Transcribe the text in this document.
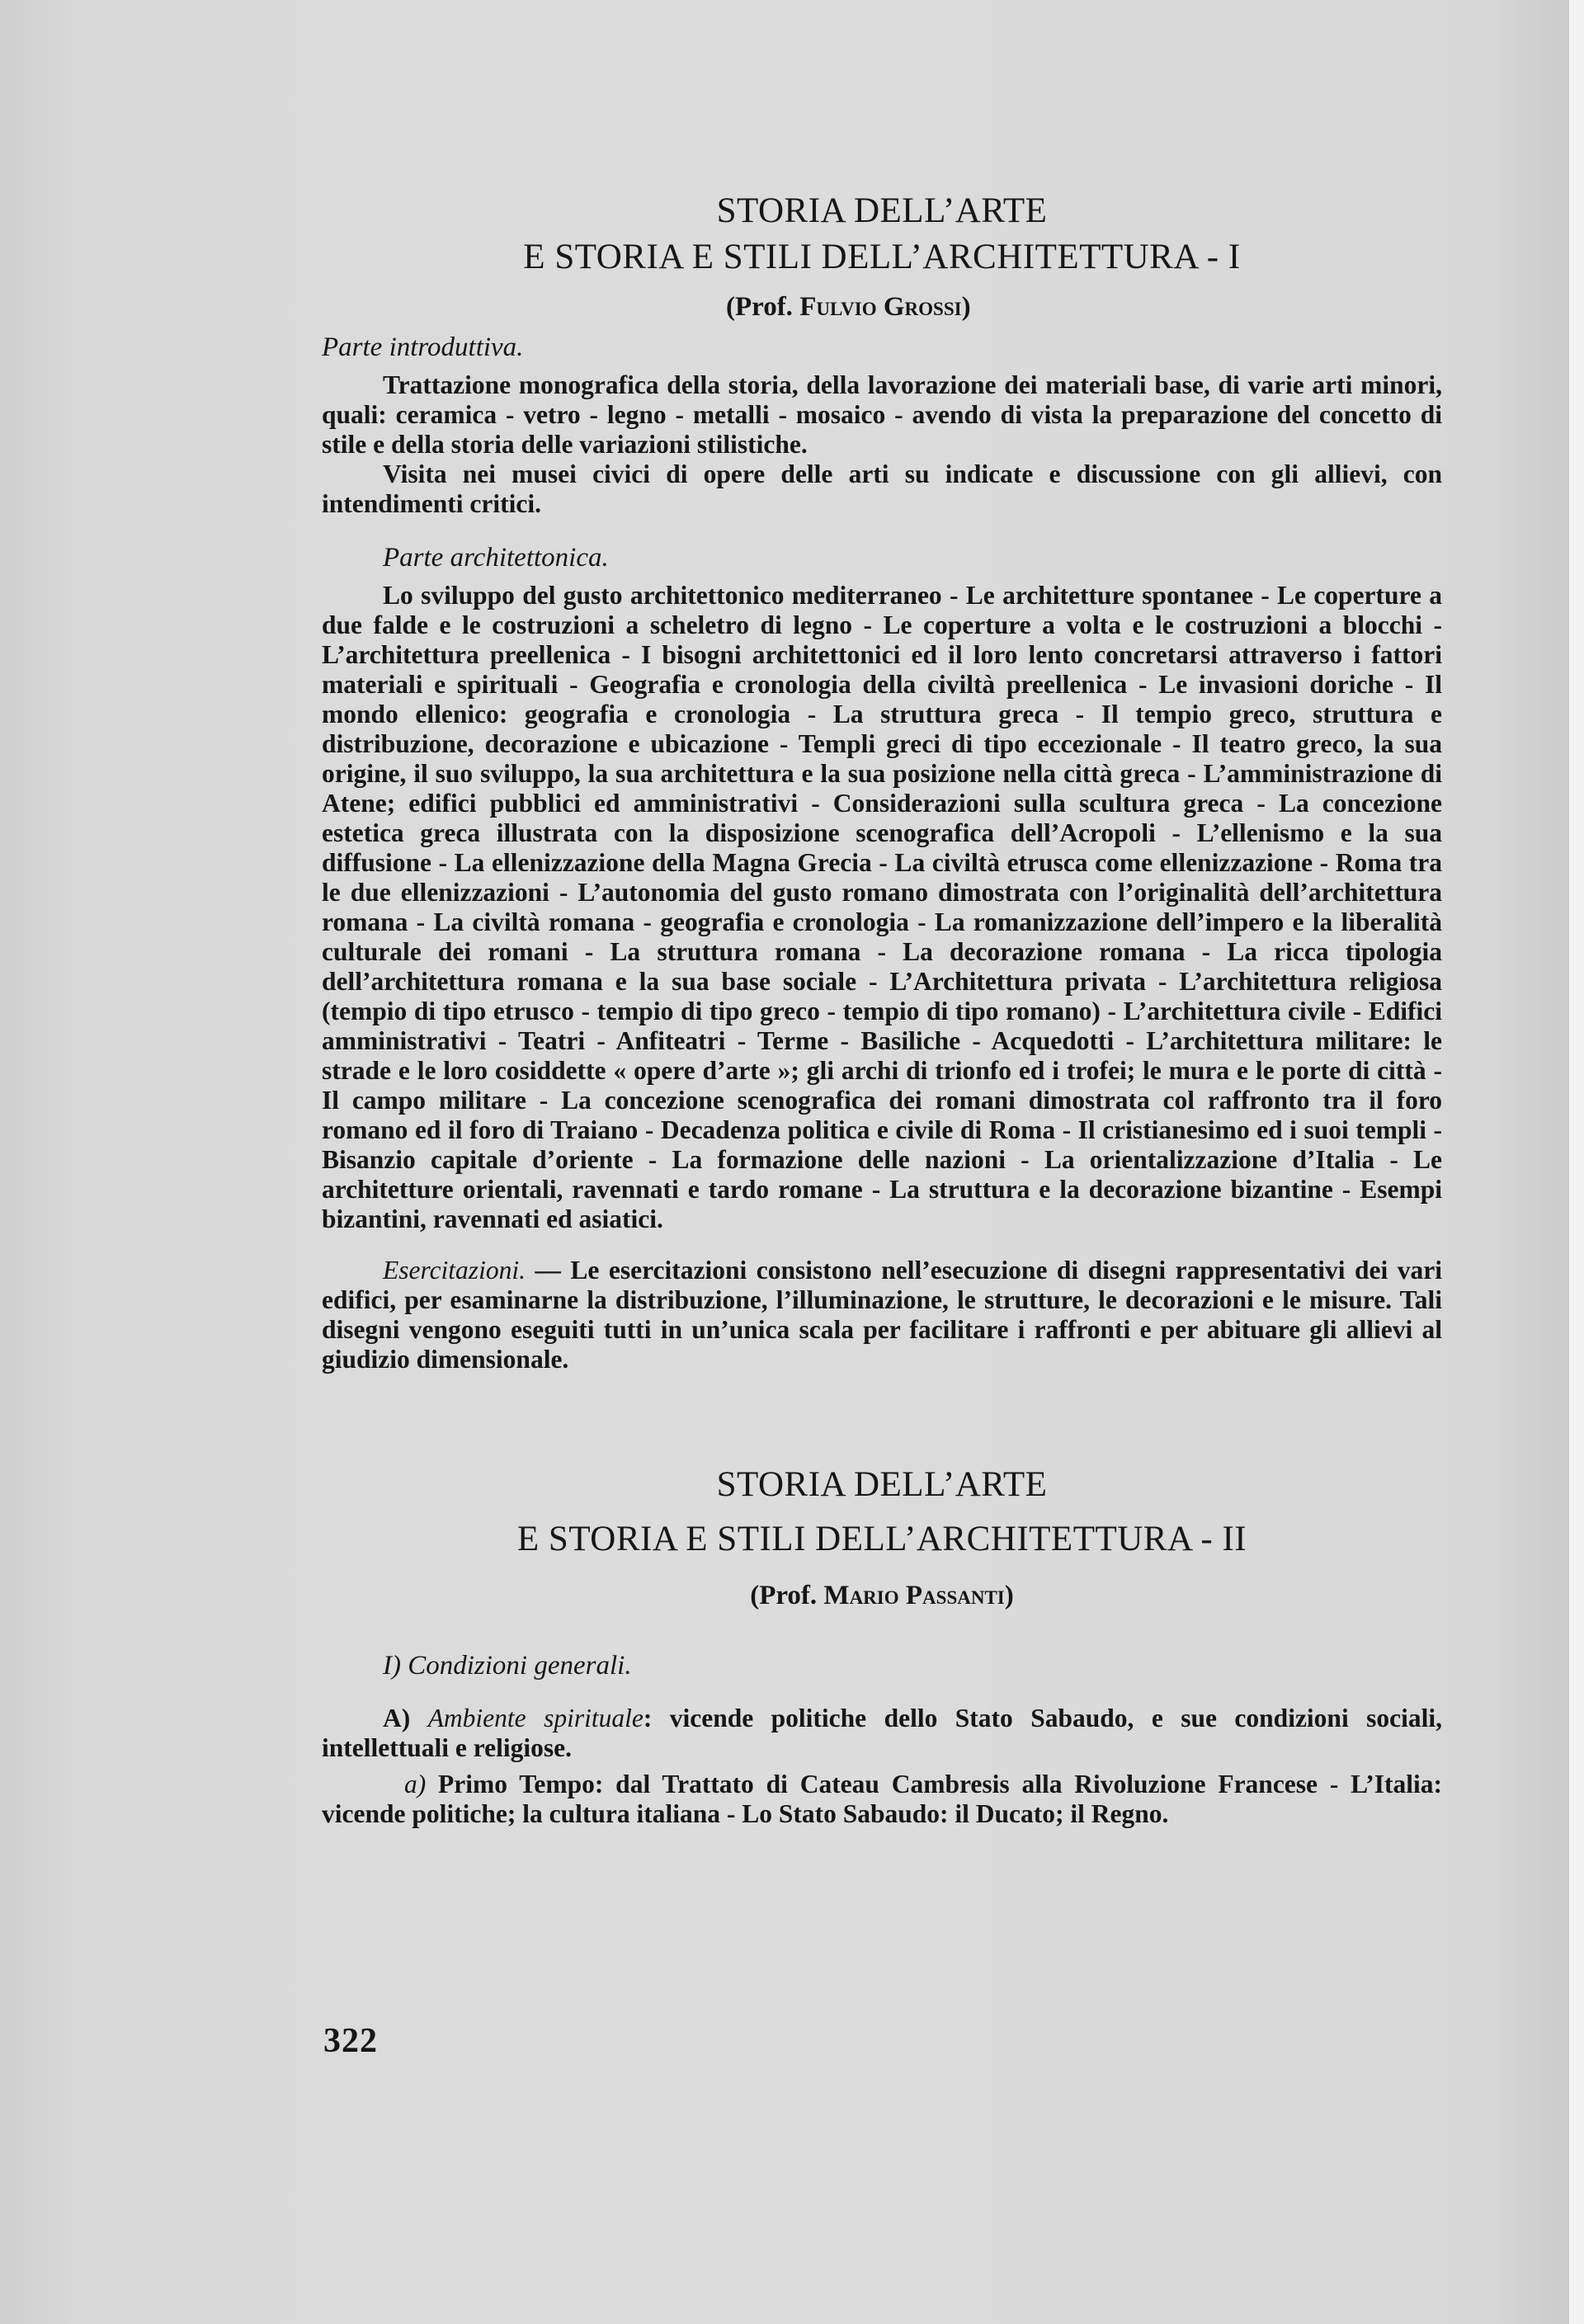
STORIA DELL’ARTE
E STORIA E STILI DELL’ARCHITETTURA - I

(Prof. Fulvio Grossi)

Parte introduttiva.

Trattazione monografica della storia, della lavorazione dei materiali base, di varie arti minori, quali: ceramica - vetro - legno - metalli - mosaico - avendo di vista la preparazione del concetto di stile e della storia delle variazioni stilistiche.

Visita nei musei civici di opere delle arti su indicate e discussione con gli allievi, con intendimenti critici.

Parte architettonica.

Lo sviluppo del gusto architettonico mediterraneo - Le architetture spontanee - Le coperture a due falde e le costruzioni a scheletro di legno - Le coperture a volta e le costruzioni a blocchi - L’architettura preellenica - I bisogni architettonici ed il loro lento concretarsi attraverso i fattori materiali e spirituali - Geografia e cronologia della civiltà preellenica - Le invasioni doriche - Il mondo ellenico: geografia e cronologia - La struttura greca - Il tempio greco, struttura e distribuzione, decorazione e ubicazione - Templi greci di tipo eccezionale - Il teatro greco, la sua origine, il suo sviluppo, la sua architettura e la sua posizione nella città greca - L’amministrazione di Atene; edifici pubblici ed amministrativi - Considerazioni sulla scultura greca - La concezione estetica greca illustrata con la disposizione scenografica dell’Acropoli - L’ellenismo e la sua diffusione - La ellenizzazione della Magna Grecia - La civiltà etrusca come ellenizzazione - Roma tra le due ellenizzazioni - L’autonomia del gusto romano dimostrata con l’originalità dell’architettura romana - La civiltà romana - geografia e cronologia - La romanizzazione dell’impero e la liberalità culturale dei romani - La struttura romana - La decorazione romana - La ricca tipologia dell’architettura romana e la sua base sociale - L’Architettura privata - L’architettura religiosa (tempio di tipo etrusco - tempio di tipo greco - tempio di tipo romano) - L’architettura civile - Edifici amministrativi - Teatri - Anfiteatri - Terme - Basiliche - Acquedotti - L’architettura militare: le strade e le loro cosiddette « opere d’arte »; gli archi di trionfo ed i trofei; le mura e le porte di città - Il campo militare - La concezione scenografica dei romani dimostrata col raffronto tra il foro romano ed il foro di Traiano - Decadenza politica e civile di Roma - Il cristianesimo ed i suoi templi - Bisanzio capitale d’oriente - La formazione delle nazioni - La orientalizzazione d’Italia - Le architetture orientali, ravennati e tardo romane - La struttura e la decorazione bizantine - Esempi bizantini, ravennati ed asiatici.

Esercitazioni. — Le esercitazioni consistono nell’esecuzione di disegni rappresentativi dei vari edifici, per esaminarne la distribuzione, l’illuminazione, le strutture, le decorazioni e le misure. Tali disegni vengono eseguiti tutti in un’unica scala per facilitare i raffronti e per abituare gli allievi al giudizio dimensionale.

STORIA DELL’ARTE
E STORIA E STILI DELL’ARCHITETTURA - II

(Prof. Mario Passanti)

I) Condizioni generali.

A) Ambiente spirituale: vicende politiche dello Stato Sabaudo, e sue condizioni sociali, intellettuali e religiose.

a) Primo Tempo: dal Trattato di Cateau Cambresis alla Rivoluzione Francese - L’Italia: vicende politiche; la cultura italiana - Lo Stato Sabaudo: il Ducato; il Regno.

322
